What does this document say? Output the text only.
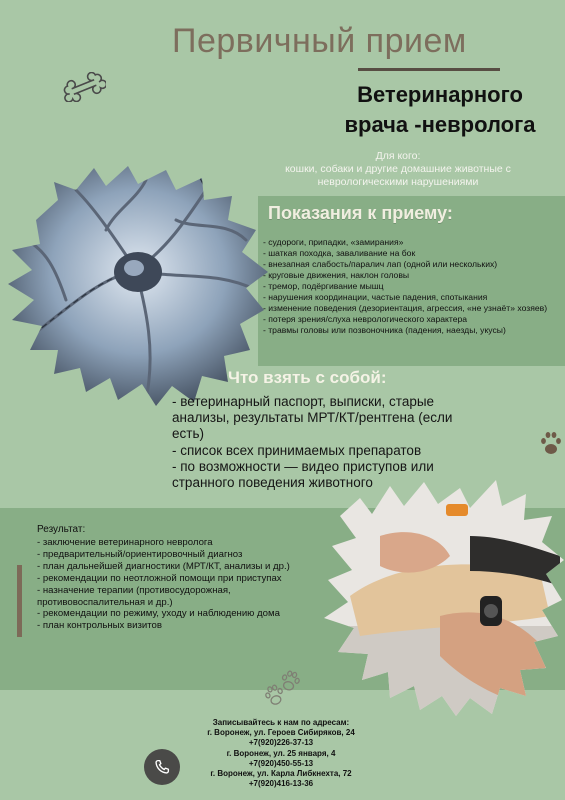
Первичный прием
Ветеринарного
врача -невролога
Для кого:
кошки, собаки и другие домашние животные с неврологическими нарушениями
Показания к приему:
- судороги, припадки, «замирания»
- шаткая походка, заваливание на бок
- внезапная слабость/паралич лап (одной или нескольких)
- круговые движения, наклон головы
- тремор, подёргивание мышц
- нарушения координации, частые падения, спотыкания
- изменение поведения (дезориентация, агрессия, «не узнаёт» хозяев)
- потеря зрения/слуха неврологического характера
- травмы головы или позвоночника (падения, наезды, укусы)
Что взять с собой:
- ветеринарный паспорт, выписки, старые анализы, результаты МРТ/КТ/рентгена (если есть)
- список всех принимаемых препаратов
- по возможности — видео приступов или странного поведения животного
Результат:
- заключение ветеринарного невролога
- предварительный/ориентировочный диагноз
- план дальнейшей диагностики (МРТ/КТ, анализы и др.)
- рекомендации по неотложной помощи при приступах
- назначение терапии (противосудорожная, противовоспалительная и др.)
- рекомендации по режиму, уходу и наблюдению дома
- план контрольных визитов
Записывайтесь к нам по адресам:
г. Воронеж, ул. Героев Сибиряков, 24
+7(920)226-37-13
г. Воронеж, ул. 25 января, 4
+7(920)450-55-13
г. Воронеж, ул. Карла Либкнехта, 72
+7(920)416-13-36
